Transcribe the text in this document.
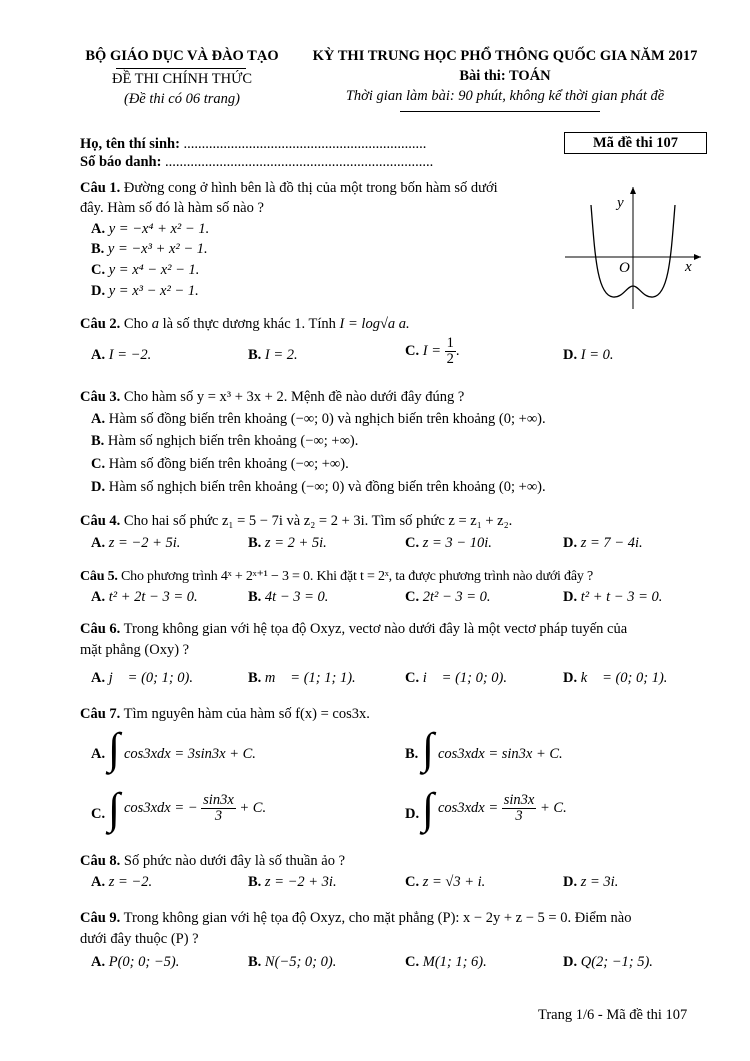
BỘ GIÁO DỤC VÀ ĐÀO TẠO
ĐỀ THI CHÍNH THỨC
(Đề thi có 06 trang)
KỲ THI TRUNG HỌC PHỔ THÔNG QUỐC GIA NĂM 2017
Bài thi: TOÁN
Thời gian làm bài: 90 phút, không kể thời gian phát đề
Họ, tên thí sinh: ...................................................................
Số báo danh: ..........................................................................
Mã đề thi 107
Câu 1. Đường cong ở hình bên là đồ thị của một trong bốn hàm số dưới
đây. Hàm số đó là hàm số nào ?
A. y = −x⁴ + x² − 1.
B. y = −x³ + x² − 1.
C. y = x⁴ − x² − 1.
D. y = x³ − x² − 1.
y
O	x
Câu 2. Cho a là số thực dương khác 1. Tính I = log√a a.
A. I = −2.	B. I = 2.	C. $I = \frac{1}{2}$ .	D. I = 0.
Câu 3. Cho hàm số y = x³ + 3x + 2. Mệnh đề nào dưới đây đúng ?
A. Hàm số đồng biến trên khoảng (−∞; 0) và nghịch biến trên khoảng (0; +∞).
B. Hàm số nghịch biến trên khoảng (−∞; +∞).
C. Hàm số đồng biến trên khoảng (−∞; +∞).
D. Hàm số nghịch biến trên khoảng (−∞; 0) và đồng biến trên khoảng (0; +∞).
Câu 4. Cho hai số phức z₁ = 5 − 7i và z₂ = 2 + 3i. Tìm số phức z = z₁ + z₂.
A. z = −2 + 5i.	B. z = 2 + 5i.	C. z = 3 − 10i.	D. z = 7 − 4i.
Câu 5. Cho phương trình 4ˣ + 2ˣ⁺¹ − 3 = 0. Khi đặt t = 2ˣ, ta được phương trình nào dưới đây ?
A. t² + 2t − 3 = 0.	B. 4t − 3 = 0.	C. 2t² − 3 = 0.	D. t² + t − 3 = 0.
Câu 6. Trong không gian với hệ tọa độ Oxyz, vectơ nào dưới đây là một vectơ pháp tuyến của
mặt phẳng (Oxy) ?
A. j⃗ = (0; 1; 0).	B. m⃗ = (1; 1; 1).	C. i⃗ = (1; 0; 0).	D. k⃗ = (0; 0; 1).
Câu 7. Tìm nguyên hàm của hàm số f(x) = cos3x.
A. ∫ cos3xdx = 3sin3x + C.	B. ∫ cos3xdx = sin3x + C.
C. ∫ cos3xdx = − $\frac{\sin 3x}{3} + C$.	D. ∫ $\cos 3xdx = \frac{\sin 3x}{3} + C$.
Câu 8. Số phức nào dưới đây là số thuần ảo ?
A. z = −2.	B. z = −2 + 3i.	C. z = √3 + i.	D. z = 3i.
Câu 9. Trong không gian với hệ tọa độ Oxyz, cho mặt phẳng (P): x − 2y + z − 5 = 0. Điểm nào
dưới đây thuộc (P) ?
A. P(0; 0; −5).	B. N(−5; 0; 0).	C. M(1; 1; 6).	D. Q(2; −1; 5).
Trang 1/6 - Mã đề thi 107
